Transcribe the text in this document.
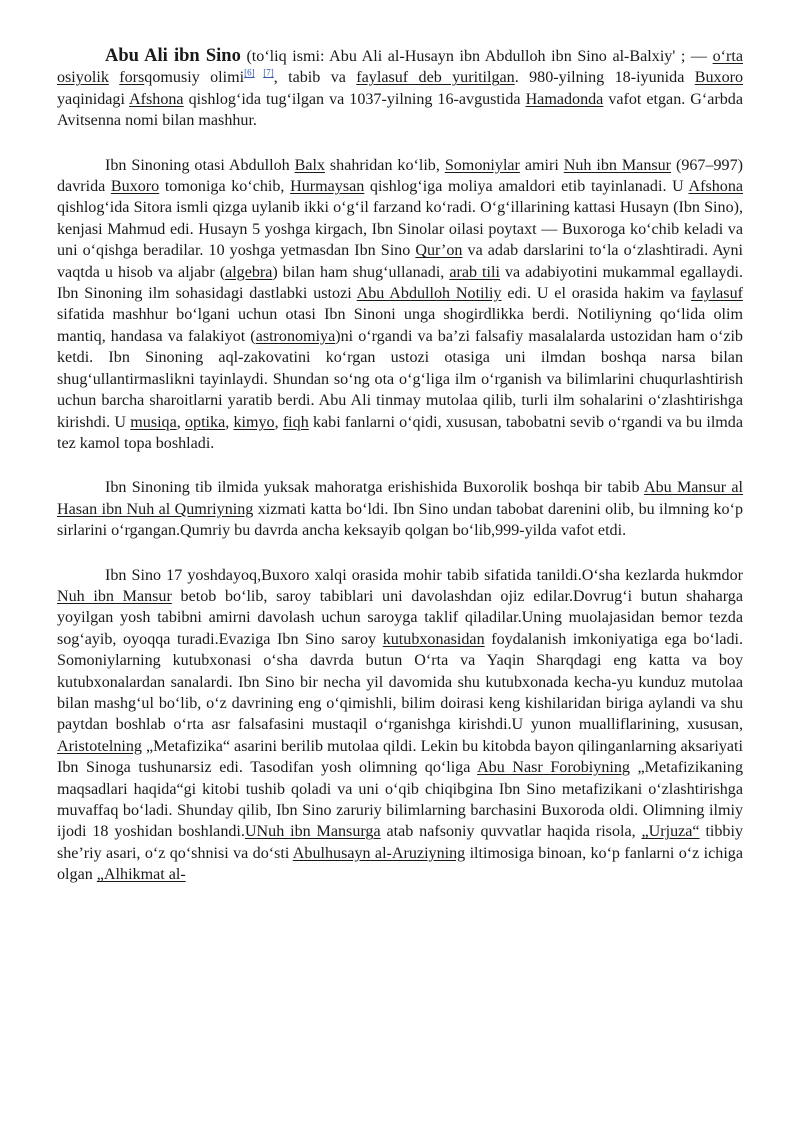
Abu Ali ibn Sino (to‘liq ismi: Abu Ali al-Husayn ibn Abdulloh ibn Sino al-Balxiy' ; — o‘rta osiyolik forsqomusiy olimi[6] [7], tabib va faylasuf deb yuritilgan. 980-yilning 18-iyunida Buxoro yaqinidagi Afshona qishlog‘ida tug‘ilgan va 1037-yilning 16-avgustida Hamadonda vafot etgan. G‘arbda Avitsenna nomi bilan mashhur.

Ibn Sinoning otasi Abdulloh Balx shahridan ko‘lib, Somoniylar amiri Nuh ibn Mansur (967–997) davrida Buxoro tomoniga ko‘chib, Hurmaysan qishlog‘iga moliya amaldori etib tayinlanadi. U Afshona qishlog‘ida Sitora ismli qizga uylanib ikki o‘g‘il farzand ko‘radi. O‘g‘illarining kattasi Husayn (Ibn Sino), kenjasi Mahmud edi. Husayn 5 yoshga kirgach, Ibn Sinolar oilasi poytaxt — Buxoroga ko‘chib keladi va uni o‘qishga beradilar. 10 yoshga yetmasdan Ibn Sino Qur’on va adab darslarini to‘la o‘zlashtiradi. Ayni vaqtda u hisob va aljabr (algebra) bilan ham shug‘ullanadi, arab tili va adabiyotini mukammal egallaydi. Ibn Sinoning ilm sohasidagi dastlabki ustozi Abu Abdulloh Notiliy edi. U el orasida hakim va faylasuf sifatida mashhur bo‘lgani uchun otasi Ibn Sinoni unga shogirdlikka berdi. Notiliyning qo‘lida olim mantiq, handasa va falakiyot (astronomiya)ni o‘rgandi va ba’zi falsafiy masalalarda ustozidan ham o‘zib ketdi. Ibn Sinoning aql-zakovatini ko‘rgan ustozi otasiga uni ilmdan boshqa narsa bilan shug‘ullantirmaslikni tayinlaydi. Shundan so‘ng ota o‘g‘liga ilm o‘rganish va bilimlarini chuqurlashtirish uchun barcha sharoitlarni yaratib berdi. Abu Ali tinmay mutolaa qilib, turli ilm sohalarini o‘zlashtirishga kirishdi. U musiqa, optika, kimyo, fiqh kabi fanlarni o‘qidi, xususan, tabobatni sevib o‘rgandi va bu ilmda tez kamol topa boshladi.

Ibn Sinoning tib ilmida yuksak mahoratga erishishida Buxorolik boshqa bir tabib Abu Mansur al Hasan ibn Nuh al Qumriyning xizmati katta bo‘ldi. Ibn Sino undan tabobat darenini olib, bu ilmning ko‘p sirlarini o‘rgangan.Qumriy bu davrda ancha keksayib qolgan bo‘lib,999-yilda vafot etdi.

Ibn Sino 17 yoshdayoq,Buxoro xalqi orasida mohir tabib sifatida tanildi.O‘sha kezlarda hukmdor Nuh ibn Mansur betob bo‘lib, saroy tabiblari uni davolashdan ojiz edilar.Dovrug‘i butun shaharga yoyilgan yosh tabibni amirni davolash uchun saroyga taklif qiladilar.Uning muolajasidan bemor tezda sog‘ayib, oyoqqa turadi.Evaziga Ibn Sino saroy kutubxonasidan foydalanish imkoniyatiga ega bo‘ladi. Somoniylarning kutubxonasi o‘sha davrda butun O‘rta va Yaqin Sharqdagi eng katta va boy kutubxonalardan sanalardi. Ibn Sino bir necha yil davomida shu kutubxonada kecha-yu kunduz mutolaa bilan mashg‘ul bo‘lib, o‘z davrining eng o‘qimishli, bilim doirasi keng kishilaridan biriga aylandi va shu paytdan boshlab o‘rta asr falsafasini mustaqil o‘rganishga kirishdi.U yunon mualliflarining, xususan, Aristotelning „Metafizika“ asarini berilib mutolaa qildi. Lekin bu kitobda bayon qilinganlarning aksariyati Ibn Sinoga tushunarsiz edi. Tasodifan yosh olimning qo‘liga Abu Nasr Forobiyning „Metafizikaning maqsadlari haqida“gi kitobi tushib qoladi va uni o‘qib chiqibgina Ibn Sino metafizikani o‘zlashtirishga muvaffaq bo‘ladi. Shunday qilib, Ibn Sino zaruriy bilimlarning barchasini Buxoroda oldi. Olimning ilmiy ijodi 18 yoshidan boshlandi.UNuh ibn Mansurga atab nafsoniy quvvatlar haqida risola, „Urjuza“ tibbiy she’riy asari, o‘z qo‘shnisi va do‘sti Abulhusayn al-Aruziyning iltimosiga binoan, ko‘p fanlarni o‘z ichiga olgan „Alhikmat al-
